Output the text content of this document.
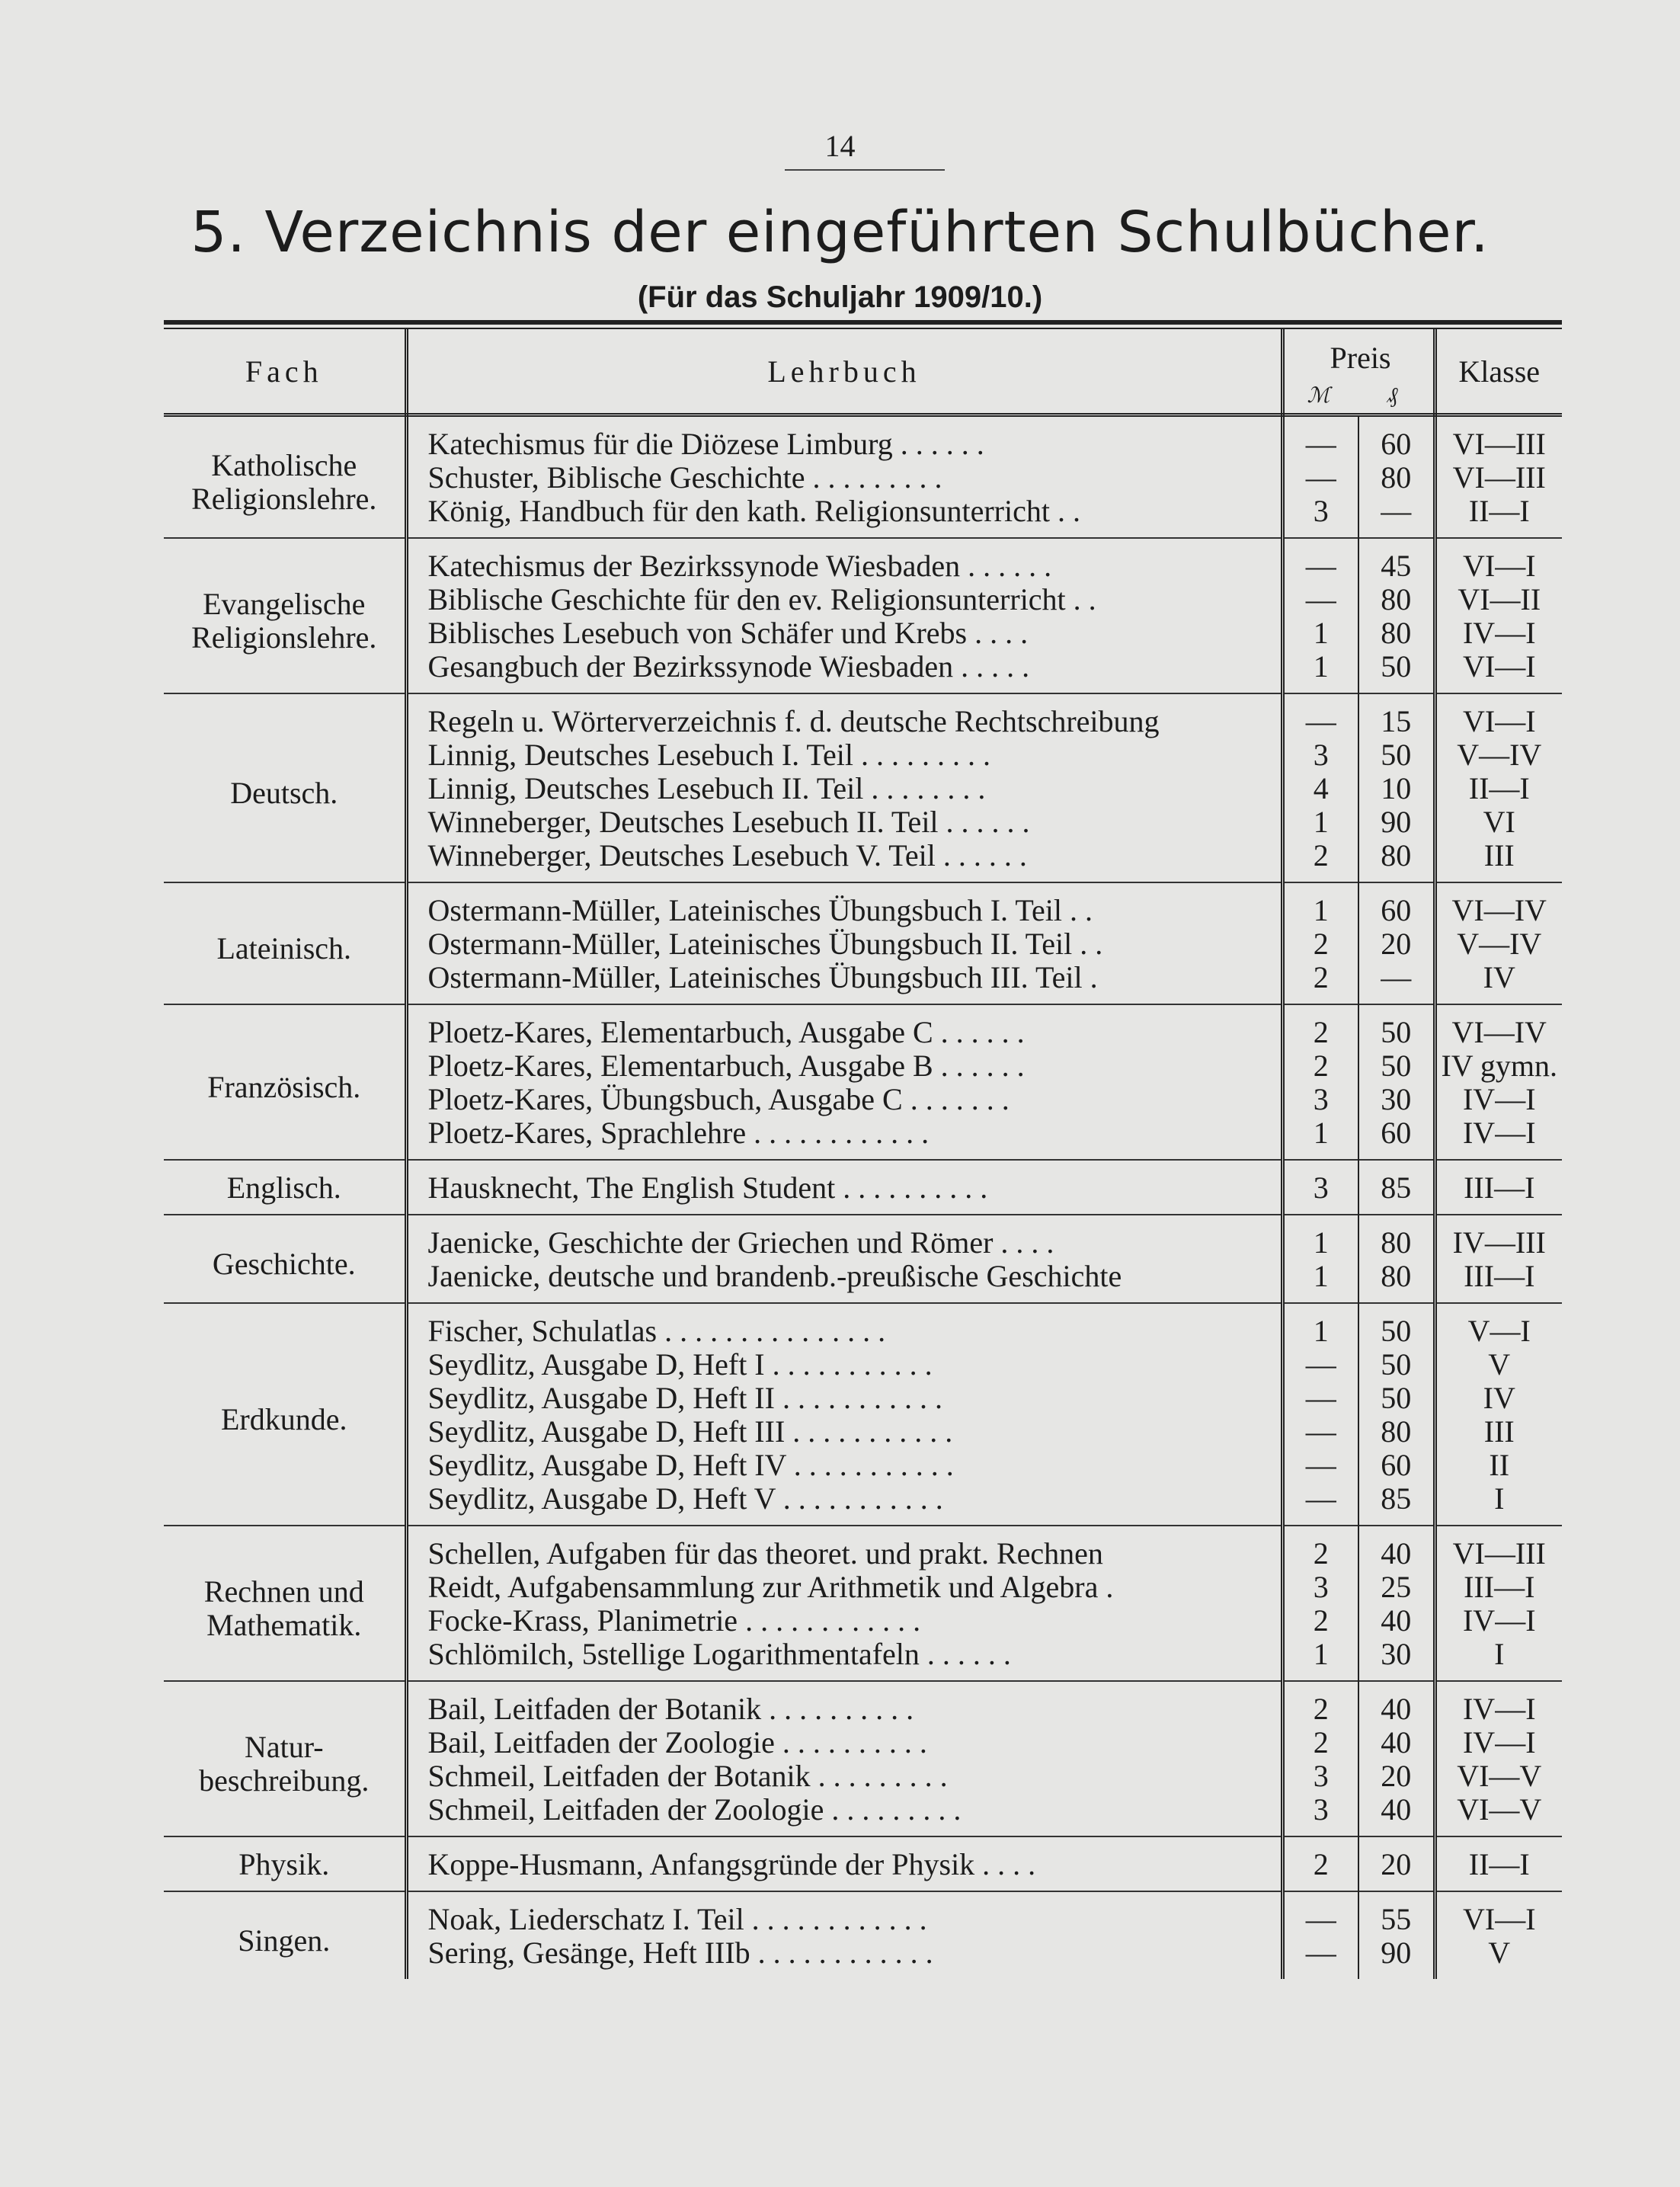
14
5. Verzeichnis der eingeführten Schulbücher.
(Für das Schuljahr 1909/10.)
Fach	Lehrbuch	Preis
ℳ ₰		Klasse
Katholische Religionslehre.	Katechismus für die Diözese Limburg . . . . . .	—	60	VI—III
	Schuster, Biblische Geschichte . . . . . . . . .	—	80	VI—III
	König, Handbuch für den kath. Religionsunterricht . .	3	—	II—I
Evangelische Religionslehre.	Katechismus der Bezirkssynode Wiesbaden . . . . . .	—	45	VI—I
	Biblische Geschichte für den ev. Religionsunterricht . .	—	80	VI—II
	Biblisches Lesebuch von Schäfer und Krebs . . . .	1	80	IV—I
	Gesangbuch der Bezirkssynode Wiesbaden . . . . .	1	50	VI—I
Deutsch.	Regeln u. Wörterverzeichnis f. d. deutsche Rechtschreibung	—	15	VI—I
	Linnig, Deutsches Lesebuch I. Teil . . . . . . . . .	3	50	V—IV
	Linnig, Deutsches Lesebuch II. Teil . . . . . . . .	4	10	II—I
	Winneberger, Deutsches Lesebuch II. Teil . . . . . .	1	90	VI
	Winneberger, Deutsches Lesebuch V. Teil . . . . . .	2	80	III
Lateinisch.	Ostermann-Müller, Lateinisches Übungsbuch I. Teil . .	1	60	VI—IV
	Ostermann-Müller, Lateinisches Übungsbuch II. Teil . .	2	20	V—IV
	Ostermann-Müller, Lateinisches Übungsbuch III. Teil .	2	—	IV
Französisch.	Ploetz-Kares, Elementarbuch, Ausgabe C . . . . . .	2	50	VI—IV
	Ploetz-Kares, Elementarbuch, Ausgabe B . . . . . .	2	50	IV gymn.
	Ploetz-Kares, Übungsbuch, Ausgabe C . . . . . . .	3	30	IV—I
	Ploetz-Kares, Sprachlehre . . . . . . . . . . . .	1	60	IV—I
Englisch.	Hausknecht, The English Student . . . . . . . . . .	3	85	III—I
Geschichte.	Jaenicke, Geschichte der Griechen und Römer . . . .	1	80	IV—III
	Jaenicke, deutsche und brandenb.-preußische Geschichte	1	80	III—I
Erdkunde.	Fischer, Schulatlas . . . . . . . . . . . . . . .	1	50	V—I
	Seydlitz, Ausgabe D, Heft I . . . . . . . . . . .	—	50	V
	Seydlitz, Ausgabe D, Heft II . . . . . . . . . . .	—	50	IV
	Seydlitz, Ausgabe D, Heft III . . . . . . . . . . .	—	80	III
	Seydlitz, Ausgabe D, Heft IV . . . . . . . . . . .	—	60	II
	Seydlitz, Ausgabe D, Heft V . . . . . . . . . . .	—	85	I
Rechnen und Mathematik.	Schellen, Aufgaben für das theoret. und prakt. Rechnen	2	40	VI—III
	Reidt, Aufgabensammlung zur Arithmetik und Algebra .	3	25	III—I
	Focke-Krass, Planimetrie . . . . . . . . . . . .	2	40	IV—I
	Schlömilch, 5stellige Logarithmentafeln . . . . . .	1	30	I
Natur- beschreibung.	Bail, Leitfaden der Botanik . . . . . . . . . .	2	40	IV—I
	Bail, Leitfaden der Zoologie . . . . . . . . . .	2	40	IV—I
	Schmeil, Leitfaden der Botanik . . . . . . . . .	3	20	VI—V
	Schmeil, Leitfaden der Zoologie . . . . . . . . .	3	40	VI—V
Physik.	Koppe-Husmann, Anfangsgründe der Physik . . . .	2	20	II—I
Singen.	Noak, Liederschatz I. Teil . . . . . . . . . . . .	—	55	VI—I
	Sering, Gesänge, Heft IIIb . . . . . . . . . . . .	—	90	V
